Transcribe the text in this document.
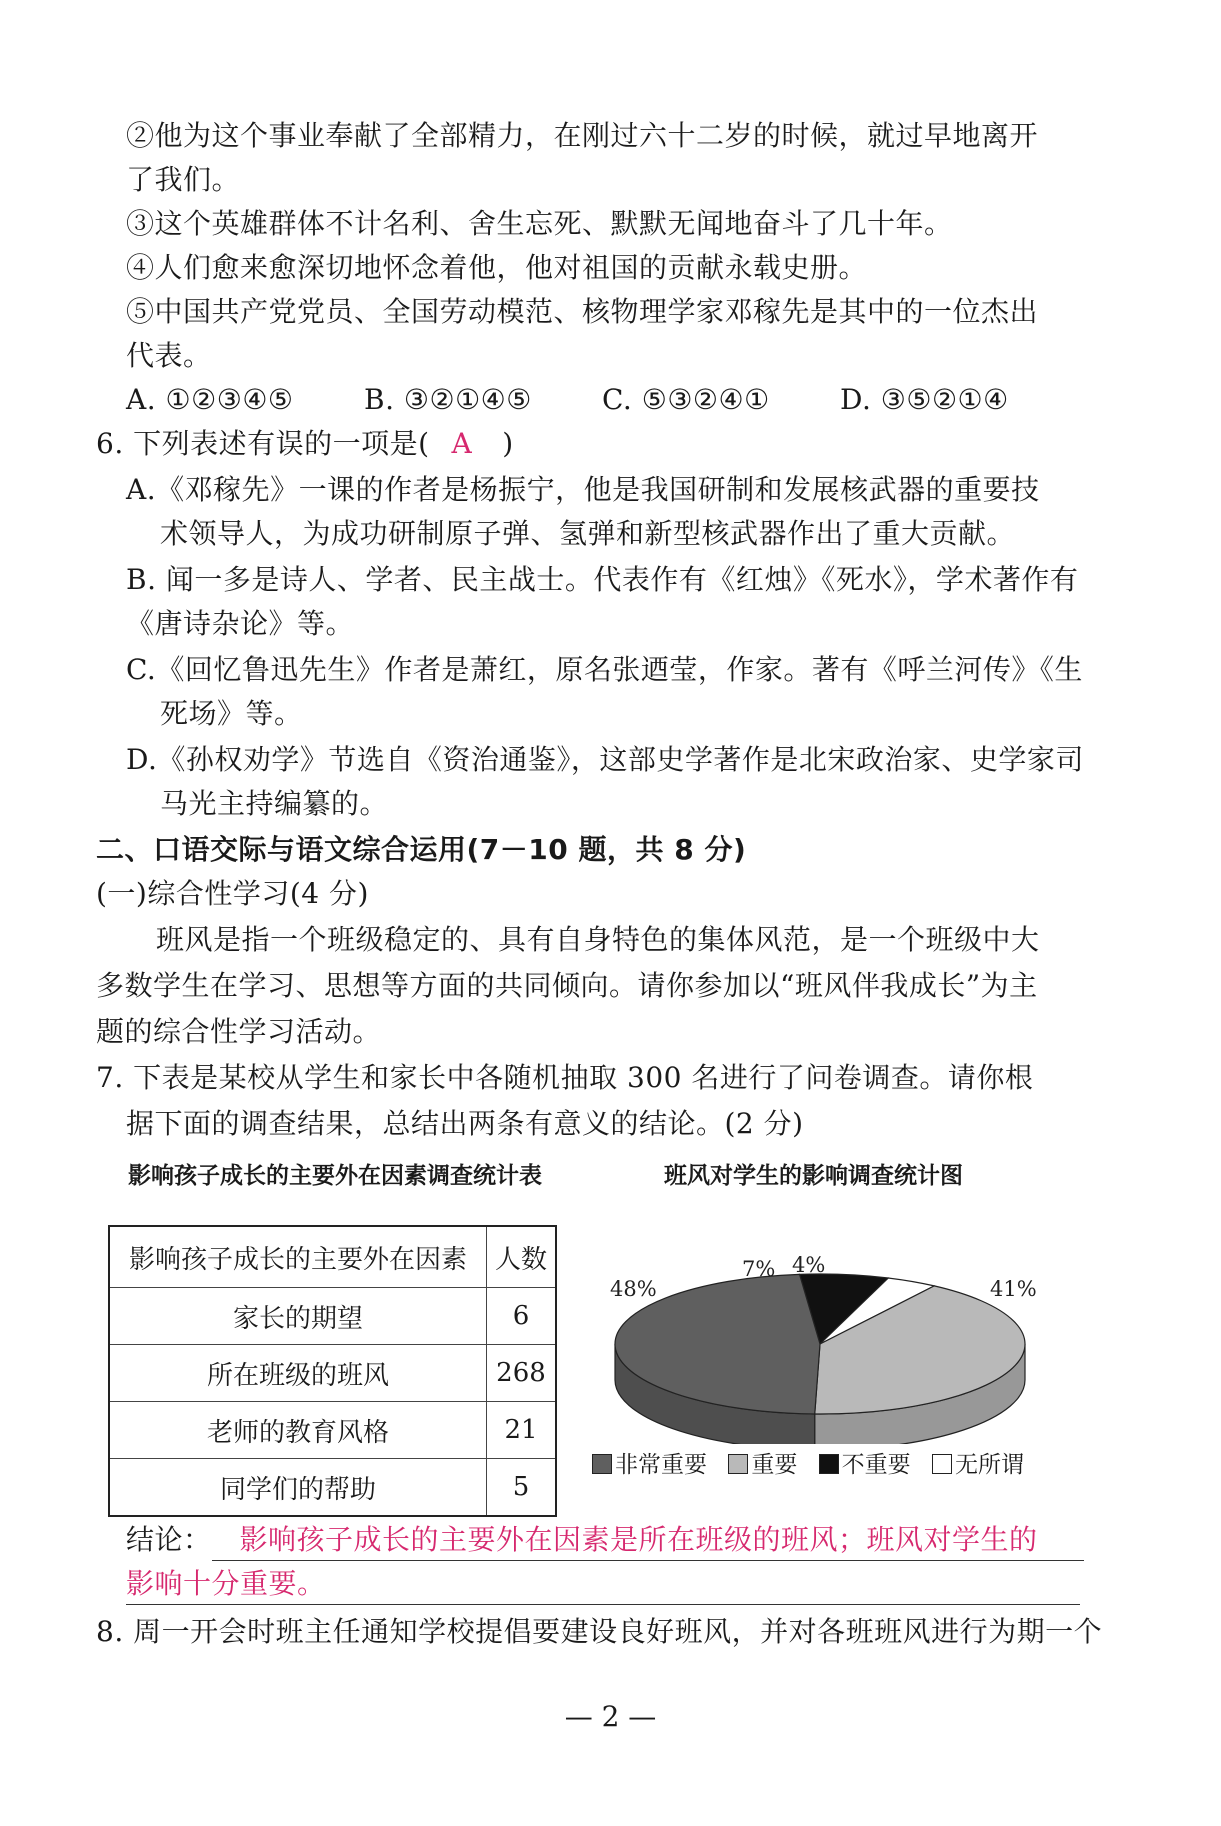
②他为这个事业奉献了全部精力，在刚过六十二岁的时候，就过早地离开
了我们。
③这个英雄群体不计名利、舍生忘死、默默无闻地奋斗了几十年。
④人们愈来愈深切地怀念着他，他对祖国的贡献永载史册。
⑤中国共产党党员、全国劳动模范、核物理学家邓稼先是其中的一位杰出
代表。
A. ①②③④⑤	B. ③②①④⑤	C. ⑤③②④①	D. ③⑤②①④
6. 下列表述有误的一项是( A )
A.《邓稼先》一课的作者是杨振宁，他是我国研制和发展核武器的重要技
术领导人，为成功研制原子弹、氢弹和新型核武器作出了重大贡献。
B. 闻一多是诗人、学者、民主战士。代表作有《红烛》《死水》，学术著作有
《唐诗杂论》等。
C.《回忆鲁迅先生》作者是萧红，原名张迺莹，作家。著有《呼兰河传》《生
死场》等。
D.《孙权劝学》节选自《资治通鉴》，这部史学著作是北宋政治家、史学家司
马光主持编纂的。
二、口语交际与语文综合运用(7－10 题，共 8 分)
(一)综合性学习(4 分)
班风是指一个班级稳定的、具有自身特色的集体风范，是一个班级中大
多数学生在学习、思想等方面的共同倾向。请你参加以“班风伴我成长”为主
题的综合性学习活动。
7. 下表是某校从学生和家长中各随机抽取 300 名进行了问卷调查。请你根
据下面的调查结果，总结出两条有意义的结论。(2 分)
影响孩子成长的主要外在因素调查统计表	班风对学生的影响调查统计图
影响孩子成长的主要外在因素	人数
家长的期望	6
所在班级的班风	268
老师的教育风格	21
同学们的帮助	5
7% 4%
41%
48%
非常重要 重要 不重要 无所谓
结论： 影响孩子成长的主要外在因素是所在班级的班风；班风对学生的
影响十分重要。
8. 周一开会时班主任通知学校提倡要建设良好班风，并对各班班风进行为期一个
— 2 —
